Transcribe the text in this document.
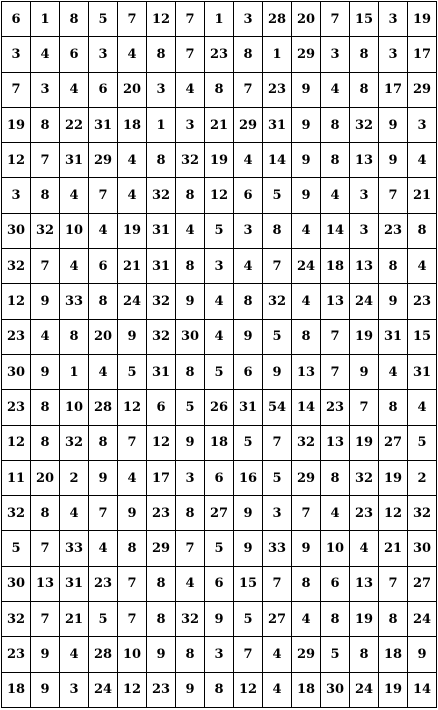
6	1	8	5	7	12	7	1	3	28	20	7	15	3	19
3	4	6	3	4	8	7	23	8	1	29	3	8	3	17
7	3	4	6	20	3	4	8	7	23	9	4	8	17	29
19	8	22	31	18	1	3	21	29	31	9	8	32	9	3
12	7	31	29	4	8	32	19	4	14	9	8	13	9	4
3	8	4	7	4	32	8	12	6	5	9	4	3	7	21
30	32	10	4	19	31	4	5	3	8	4	14	3	23	8
32	7	4	6	21	31	8	3	4	7	24	18	13	8	4
12	9	33	8	24	32	9	4	8	32	4	13	24	9	23
23	4	8	20	9	32	30	4	9	5	8	7	19	31	15
30	9	1	4	5	31	8	5	6	9	13	7	9	4	31
23	8	10	28	12	6	5	26	31	54	14	23	7	8	4
12	8	32	8	7	12	9	18	5	7	32	13	19	27	5
11	20	2	9	4	17	3	6	16	5	29	8	32	19	2
32	8	4	7	9	23	8	27	9	3	7	4	23	12	32
5	7	33	4	8	29	7	5	9	33	9	10	4	21	30
30	13	31	23	7	8	4	6	15	7	8	6	13	7	27
32	7	21	5	7	8	32	9	5	27	4	8	19	8	24
23	9	4	28	10	9	8	3	7	4	29	5	8	18	9
18	9	3	24	12	23	9	8	12	4	18	30	24	19	14
